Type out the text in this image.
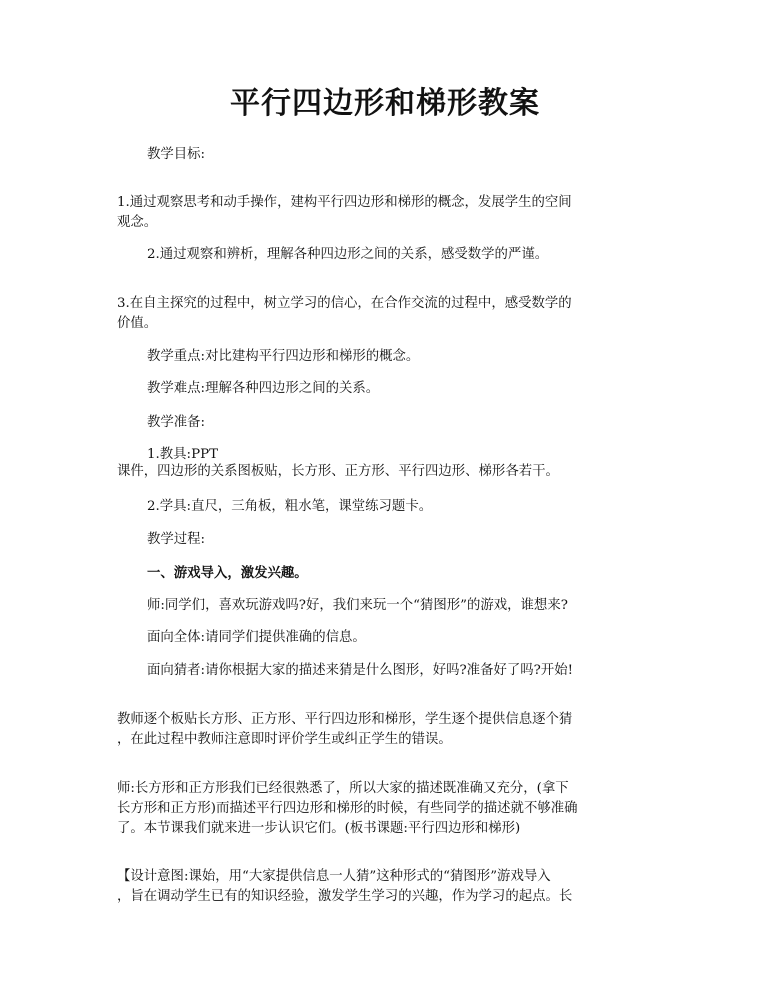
平行四边形和梯形教案
教学目标:
1.通过观察思考和动手操作，建构平行四边形和梯形的概念，发展学生的空间
观念。
2.通过观察和辨析，理解各种四边形之间的关系，感受数学的严谨。
3.在自主探究的过程中，树立学习的信心，在合作交流的过程中，感受数学的
价值。
教学重点:对比建构平行四边形和梯形的概念。
教学难点:理解各种四边形之间的关系。
教学准备:
1.教具:PPT
课件，四边形的关系图板贴，长方形、正方形、平行四边形、梯形各若干。
2.学具:直尺，三角板，粗水笔，课堂练习题卡。
教学过程:
一、游戏导入，激发兴趣。
师:同学们，喜欢玩游戏吗?好，我们来玩一个“猜图形”的游戏，谁想来?
面向全体:请同学们提供准确的信息。
面向猜者:请你根据大家的描述来猜是什么图形，好吗?准备好了吗?开始!
教师逐个板贴长方形、正方形、平行四边形和梯形，学生逐个提供信息逐个猜
，在此过程中教师注意即时评价学生或纠正学生的错误。
师:长方形和正方形我们已经很熟悉了，所以大家的描述既准确又充分，(拿下
长方形和正方形)而描述平行四边形和梯形的时候，有些同学的描述就不够准确
了。本节课我们就来进一步认识它们。(板书课题:平行四边形和梯形)
【设计意图:课始，用“大家提供信息一人猜”这种形式的“猜图形”游戏导入
，旨在调动学生已有的知识经验，激发学生学习的兴趣，作为学习的起点。长
